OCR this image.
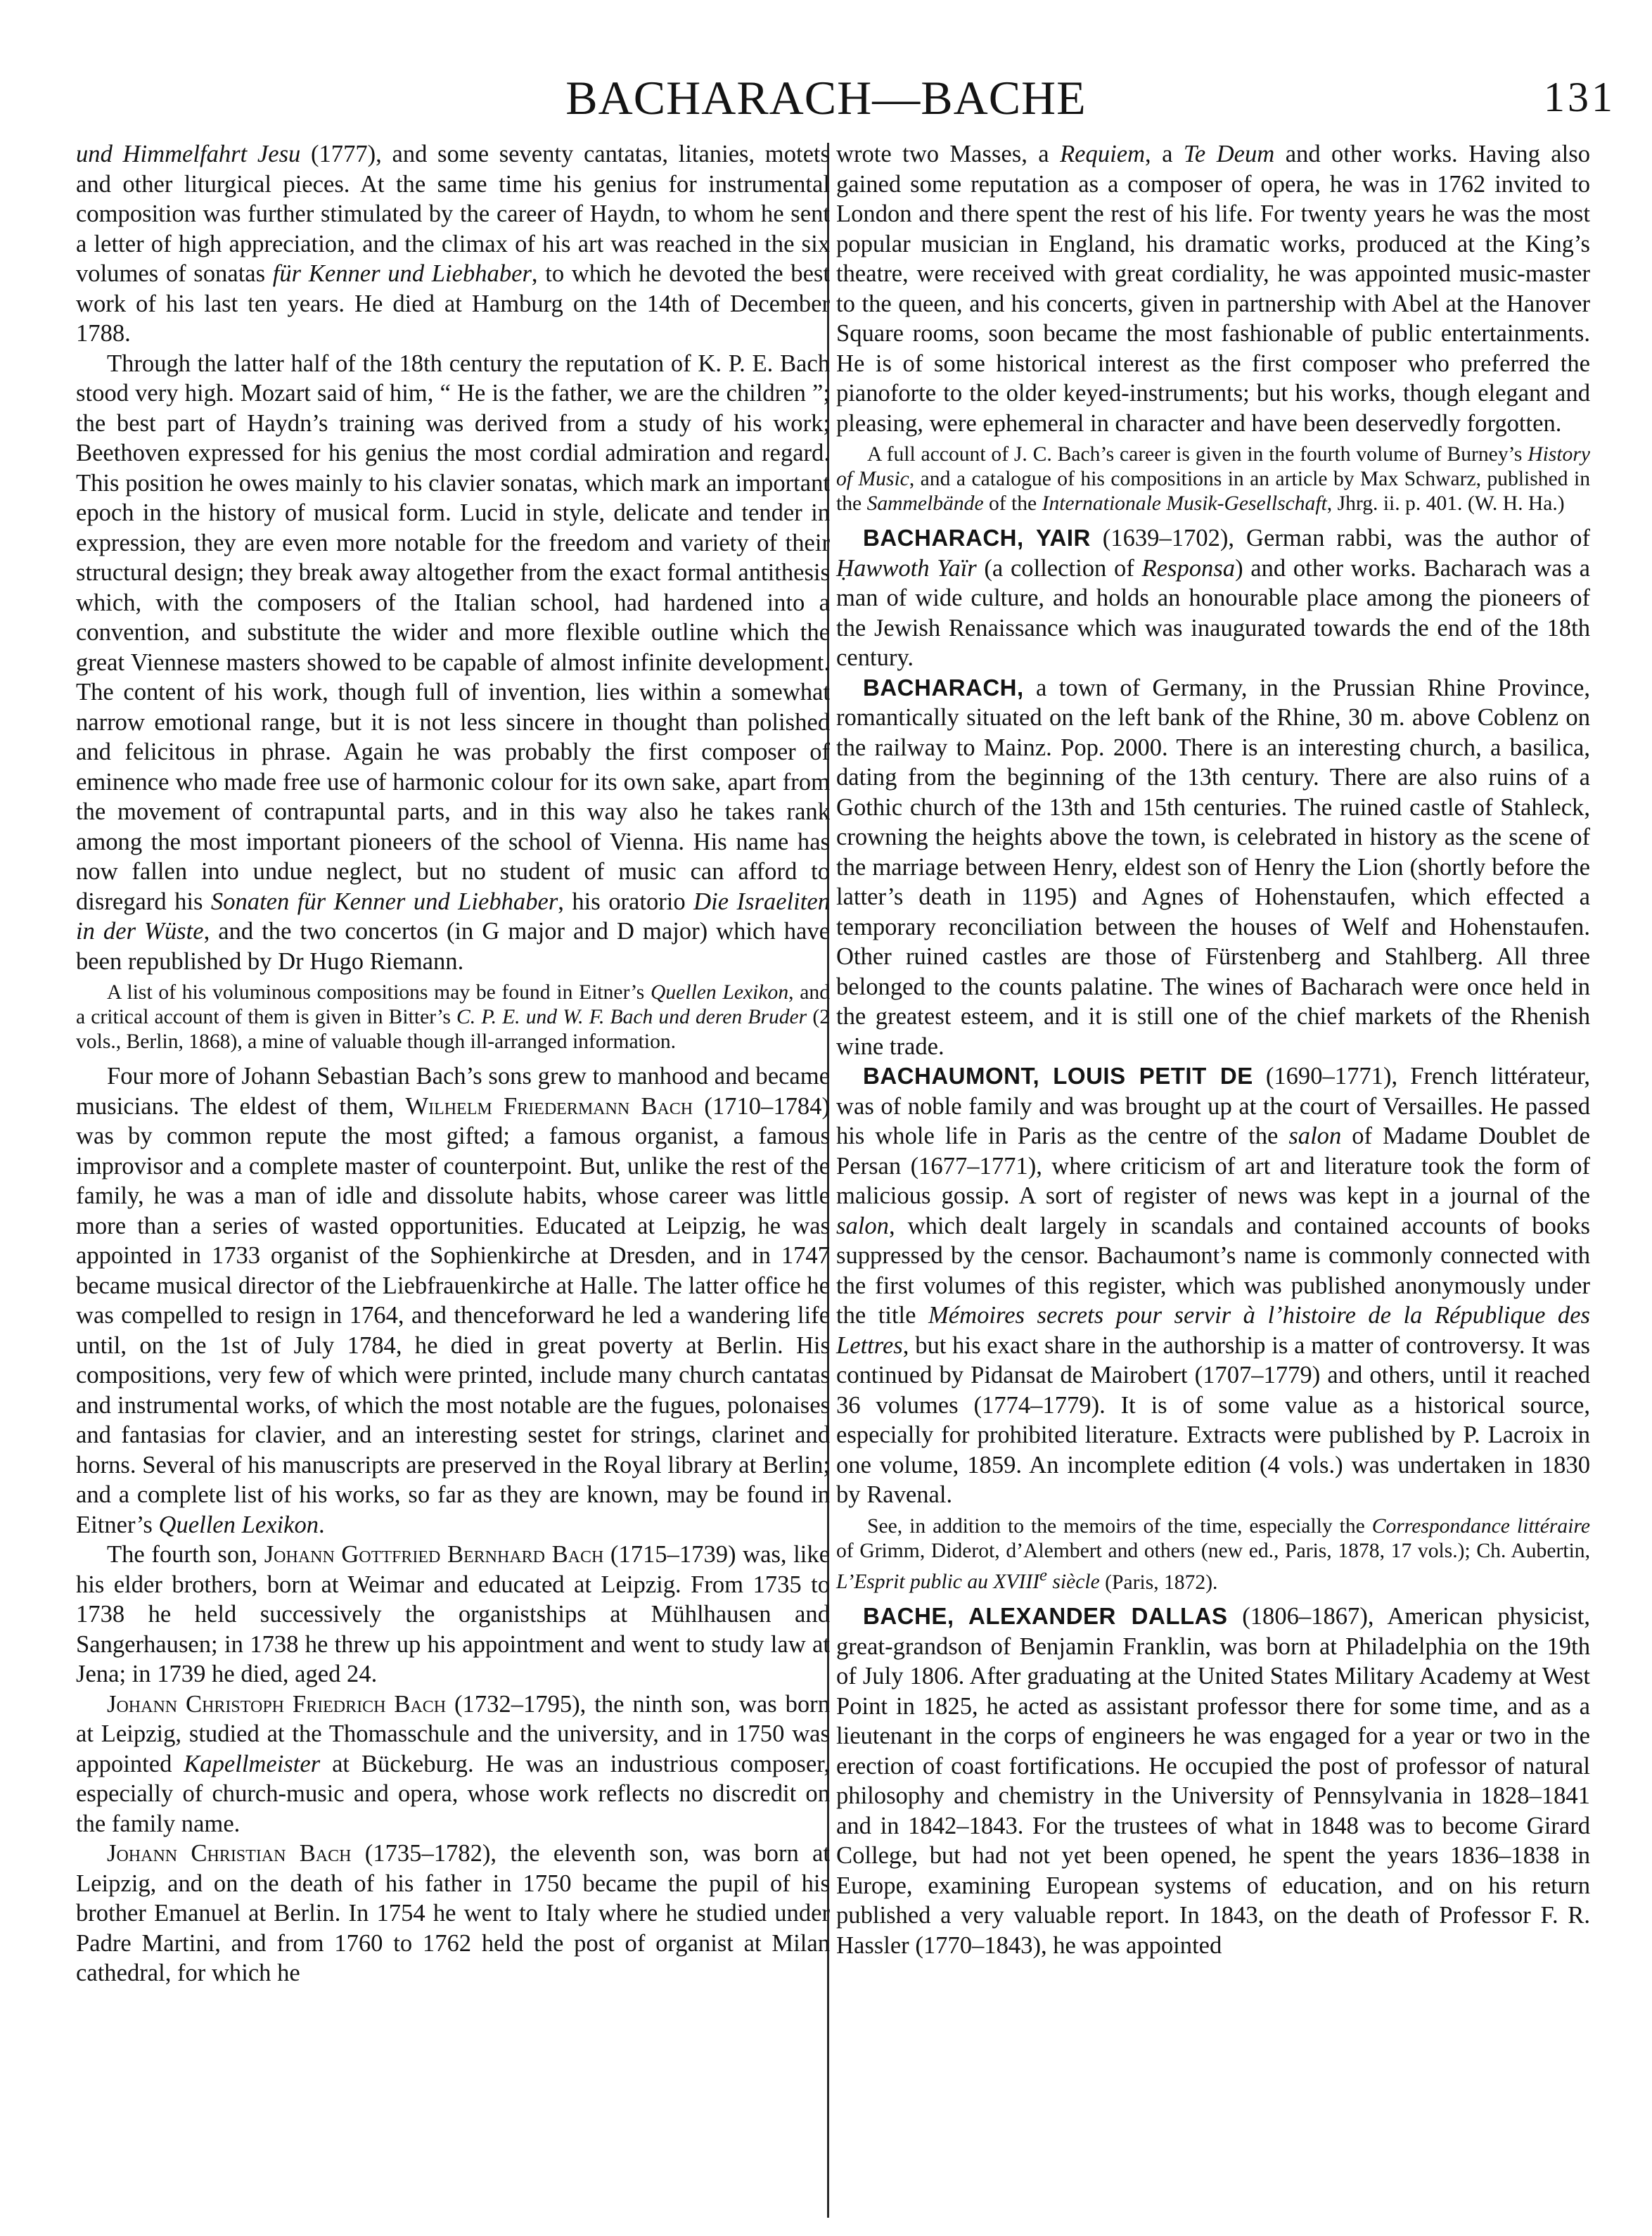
BACHARACH—BACHE	131

und Himmelfahrt Jesu (1777), and some seventy cantatas, litanies, motets and other liturgical pieces. At the same time his genius for instrumental composition was further stimulated by the career of Haydn, to whom he sent a letter of high appreciation, and the climax of his art was reached in the six volumes of sonatas für Kenner und Liebhaber, to which he devoted the best work of his last ten years. He died at Hamburg on the 14th of December 1788.

Through the latter half of the 18th century the reputation of K. P. E. Bach stood very high. Mozart said of him, “ He is the father, we are the children ”; the best part of Haydn’s training was derived from a study of his work; Beethoven expressed for his genius the most cordial admiration and regard. This position he owes mainly to his clavier sonatas, which mark an important epoch in the history of musical form. Lucid in style, delicate and tender in expression, they are even more notable for the freedom and variety of their structural design; they break away altogether from the exact formal antithesis which, with the composers of the Italian school, had hardened into a convention, and substitute the wider and more flexible outline which the great Viennese masters showed to be capable of almost infinite development. The content of his work, though full of invention, lies within a somewhat narrow emotional range, but it is not less sincere in thought than polished and felicitous in phrase. Again he was probably the first composer of eminence who made free use of harmonic colour for its own sake, apart from the movement of contrapuntal parts, and in this way also he takes rank among the most important pioneers of the school of Vienna. His name has now fallen into undue neglect, but no student of music can afford to disregard his Sonaten für Kenner und Liebhaber, his oratorio Die Israeliten in der Wüste, and the two concertos (in G major and D major) which have been republished by Dr Hugo Riemann.

A list of his voluminous compositions may be found in Eitner’s Quellen Lexikon, and a critical account of them is given in Bitter’s C. P. E. und W. F. Bach und deren Bruder (2 vols., Berlin, 1868), a mine of valuable though ill-arranged information.

Four more of Johann Sebastian Bach’s sons grew to manhood and became musicians. The eldest of them, Wilhelm Friedermann Bach (1710–1784) was by common repute the most gifted; a famous organist, a famous improvisor and a complete master of counterpoint. But, unlike the rest of the family, he was a man of idle and dissolute habits, whose career was little more than a series of wasted opportunities. Educated at Leipzig, he was appointed in 1733 organist of the Sophienkirche at Dresden, and in 1747 became musical director of the Liebfrauenkirche at Halle. The latter office he was compelled to resign in 1764, and thenceforward he led a wandering life until, on the 1st of July 1784, he died in great poverty at Berlin. His compositions, very few of which were printed, include many church cantatas and instrumental works, of which the most notable are the fugues, polonaises and fantasias for clavier, and an interesting sestet for strings, clarinet and horns. Several of his manuscripts are preserved in the Royal library at Berlin; and a complete list of his works, so far as they are known, may be found in Eitner’s Quellen Lexikon.

The fourth son, Johann Gottfried Bernhard Bach (1715–1739) was, like his elder brothers, born at Weimar and educated at Leipzig. From 1735 to 1738 he held successively the organistships at Mühlhausen and Sangerhausen; in 1738 he threw up his appointment and went to study law at Jena; in 1739 he died, aged 24.

Johann Christoph Friedrich Bach (1732–1795), the ninth son, was born at Leipzig, studied at the Thomasschule and the university, and in 1750 was appointed Kapellmeister at Bückeburg. He was an industrious composer, especially of church-music and opera, whose work reflects no discredit on the family name.

Johann Christian Bach (1735–1782), the eleventh son, was born at Leipzig, and on the death of his father in 1750 became the pupil of his brother Emanuel at Berlin. In 1754 he went to Italy where he studied under Padre Martini, and from 1760 to 1762 held the post of organist at Milan cathedral, for which he

wrote two Masses, a Requiem, a Te Deum and other works. Having also gained some reputation as a composer of opera, he was in 1762 invited to London and there spent the rest of his life. For twenty years he was the most popular musician in England, his dramatic works, produced at the King’s theatre, were received with great cordiality, he was appointed music-master to the queen, and his concerts, given in partnership with Abel at the Hanover Square rooms, soon became the most fashionable of public entertainments. He is of some historical interest as the first composer who preferred the pianoforte to the older keyed-instruments; but his works, though elegant and pleasing, were ephemeral in character and have been deservedly forgotten.

A full account of J. C. Bach’s career is given in the fourth volume of Burney’s History of Music, and a catalogue of his compositions in an article by Max Schwarz, published in the Sammelbände of the Internationale Musik-Gesellschaft, Jhrg. ii. p. 401. (W. H. Ha.)

BACHARACH, YAIR (1639–1702), German rabbi, was the author of Ḥawwoth Yaïr (a collection of Responsa) and other works. Bacharach was a man of wide culture, and holds an honourable place among the pioneers of the Jewish Renaissance which was inaugurated towards the end of the 18th century.

BACHARACH, a town of Germany, in the Prussian Rhine Province, romantically situated on the left bank of the Rhine, 30 m. above Coblenz on the railway to Mainz. Pop. 2000. There is an interesting church, a basilica, dating from the beginning of the 13th century. There are also ruins of a Gothic church of the 13th and 15th centuries. The ruined castle of Stahleck, crowning the heights above the town, is celebrated in history as the scene of the marriage between Henry, eldest son of Henry the Lion (shortly before the latter’s death in 1195) and Agnes of Hohenstaufen, which effected a temporary reconciliation between the houses of Welf and Hohenstaufen. Other ruined castles are those of Fürstenberg and Stahlberg. All three belonged to the counts palatine. The wines of Bacharach were once held in the greatest esteem, and it is still one of the chief markets of the Rhenish wine trade.

BACHAUMONT, LOUIS PETIT DE (1690–1771), French littérateur, was of noble family and was brought up at the court of Versailles. He passed his whole life in Paris as the centre of the salon of Madame Doublet de Persan (1677–1771), where criticism of art and literature took the form of malicious gossip. A sort of register of news was kept in a journal of the salon, which dealt largely in scandals and contained accounts of books suppressed by the censor. Bachaumont’s name is commonly connected with the first volumes of this register, which was published anonymously under the title Mémoires secrets pour servir à l’histoire de la République des Lettres, but his exact share in the authorship is a matter of controversy. It was continued by Pidansat de Mairobert (1707–1779) and others, until it reached 36 volumes (1774–1779). It is of some value as a historical source, especially for prohibited literature. Extracts were published by P. Lacroix in one volume, 1859. An incomplete edition (4 vols.) was undertaken in 1830 by Ravenal.

See, in addition to the memoirs of the time, especially the Correspondance littéraire of Grimm, Diderot, d’Alembert and others (new ed., Paris, 1878, 17 vols.); Ch. Aubertin, L’Esprit public au XVIIIe siècle (Paris, 1872).

BACHE, ALEXANDER DALLAS (1806–1867), American physicist, great-grandson of Benjamin Franklin, was born at Philadelphia on the 19th of July 1806. After graduating at the United States Military Academy at West Point in 1825, he acted as assistant professor there for some time, and as a lieutenant in the corps of engineers he was engaged for a year or two in the erection of coast fortifications. He occupied the post of professor of natural philosophy and chemistry in the University of Pennsylvania in 1828–1841 and in 1842–1843. For the trustees of what in 1848 was to become Girard College, but had not yet been opened, he spent the years 1836–1838 in Europe, examining European systems of education, and on his return published a very valuable report. In 1843, on the death of Professor F. R. Hassler (1770–1843), he was appointed
